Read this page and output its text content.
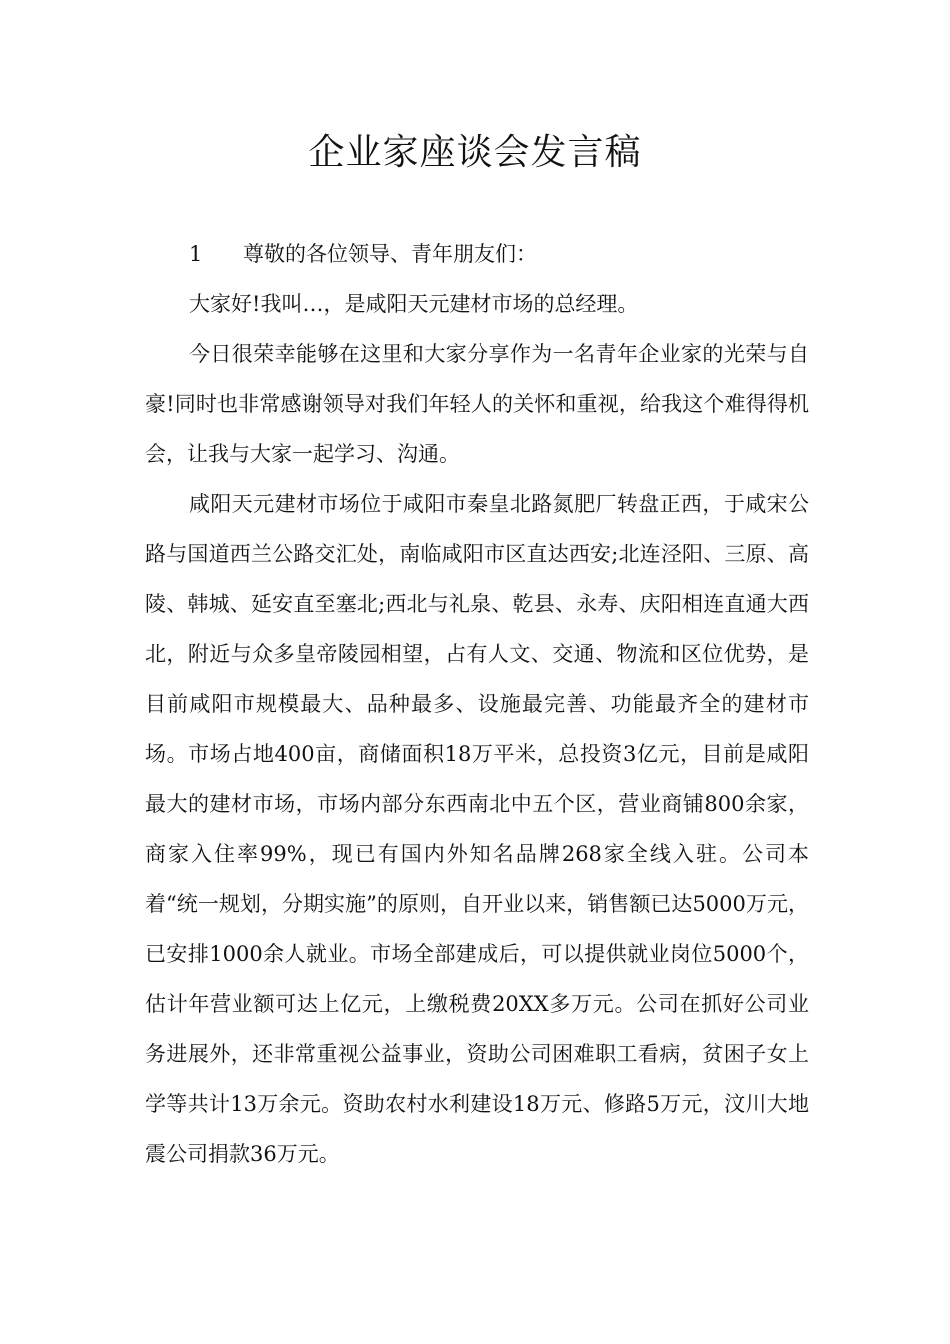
企业家座谈会发言稿

1 尊敬的各位领导、青年朋友们：

大家好!我叫…，是咸阳天元建材市场的总经理。

今日很荣幸能够在这里和大家分享作为一名青年企业家的光荣与自豪!同时也非常感谢领导对我们年轻人的关怀和重视，给我这个难得得机会，让我与大家一起学习、沟通。

咸阳天元建材市场位于咸阳市秦皇北路氮肥厂转盘正西，于咸宋公路与国道西兰公路交汇处，南临咸阳市区直达西安;北连泾阳、三原、高陵、韩城、延安直至塞北;西北与礼泉、乾县、永寿、庆阳相连直通大西北，附近与众多皇帝陵园相望，占有人文、交通、物流和区位优势，是目前咸阳市规模最大、品种最多、设施最完善、功能最齐全的建材市场。市场占地400亩，商储面积18万平米，总投资3亿元，目前是咸阳最大的建材市场，市场内部分东西南北中五个区，营业商铺800余家，商家入住率99%，现已有国内外知名品牌268家全线入驻。公司本着“统一规划，分期实施”的原则，自开业以来，销售额已达5000万元，已安排1000余人就业。市场全部建成后，可以提供就业岗位5000个，估计年营业额可达上亿元，上缴税费20XX多万元。公司在抓好公司业务进展外，还非常重视公益事业，资助公司困难职工看病，贫困子女上学等共计13万余元。资助农村水利建设18万元、修路5万元，汶川大地震公司捐款36万元。
